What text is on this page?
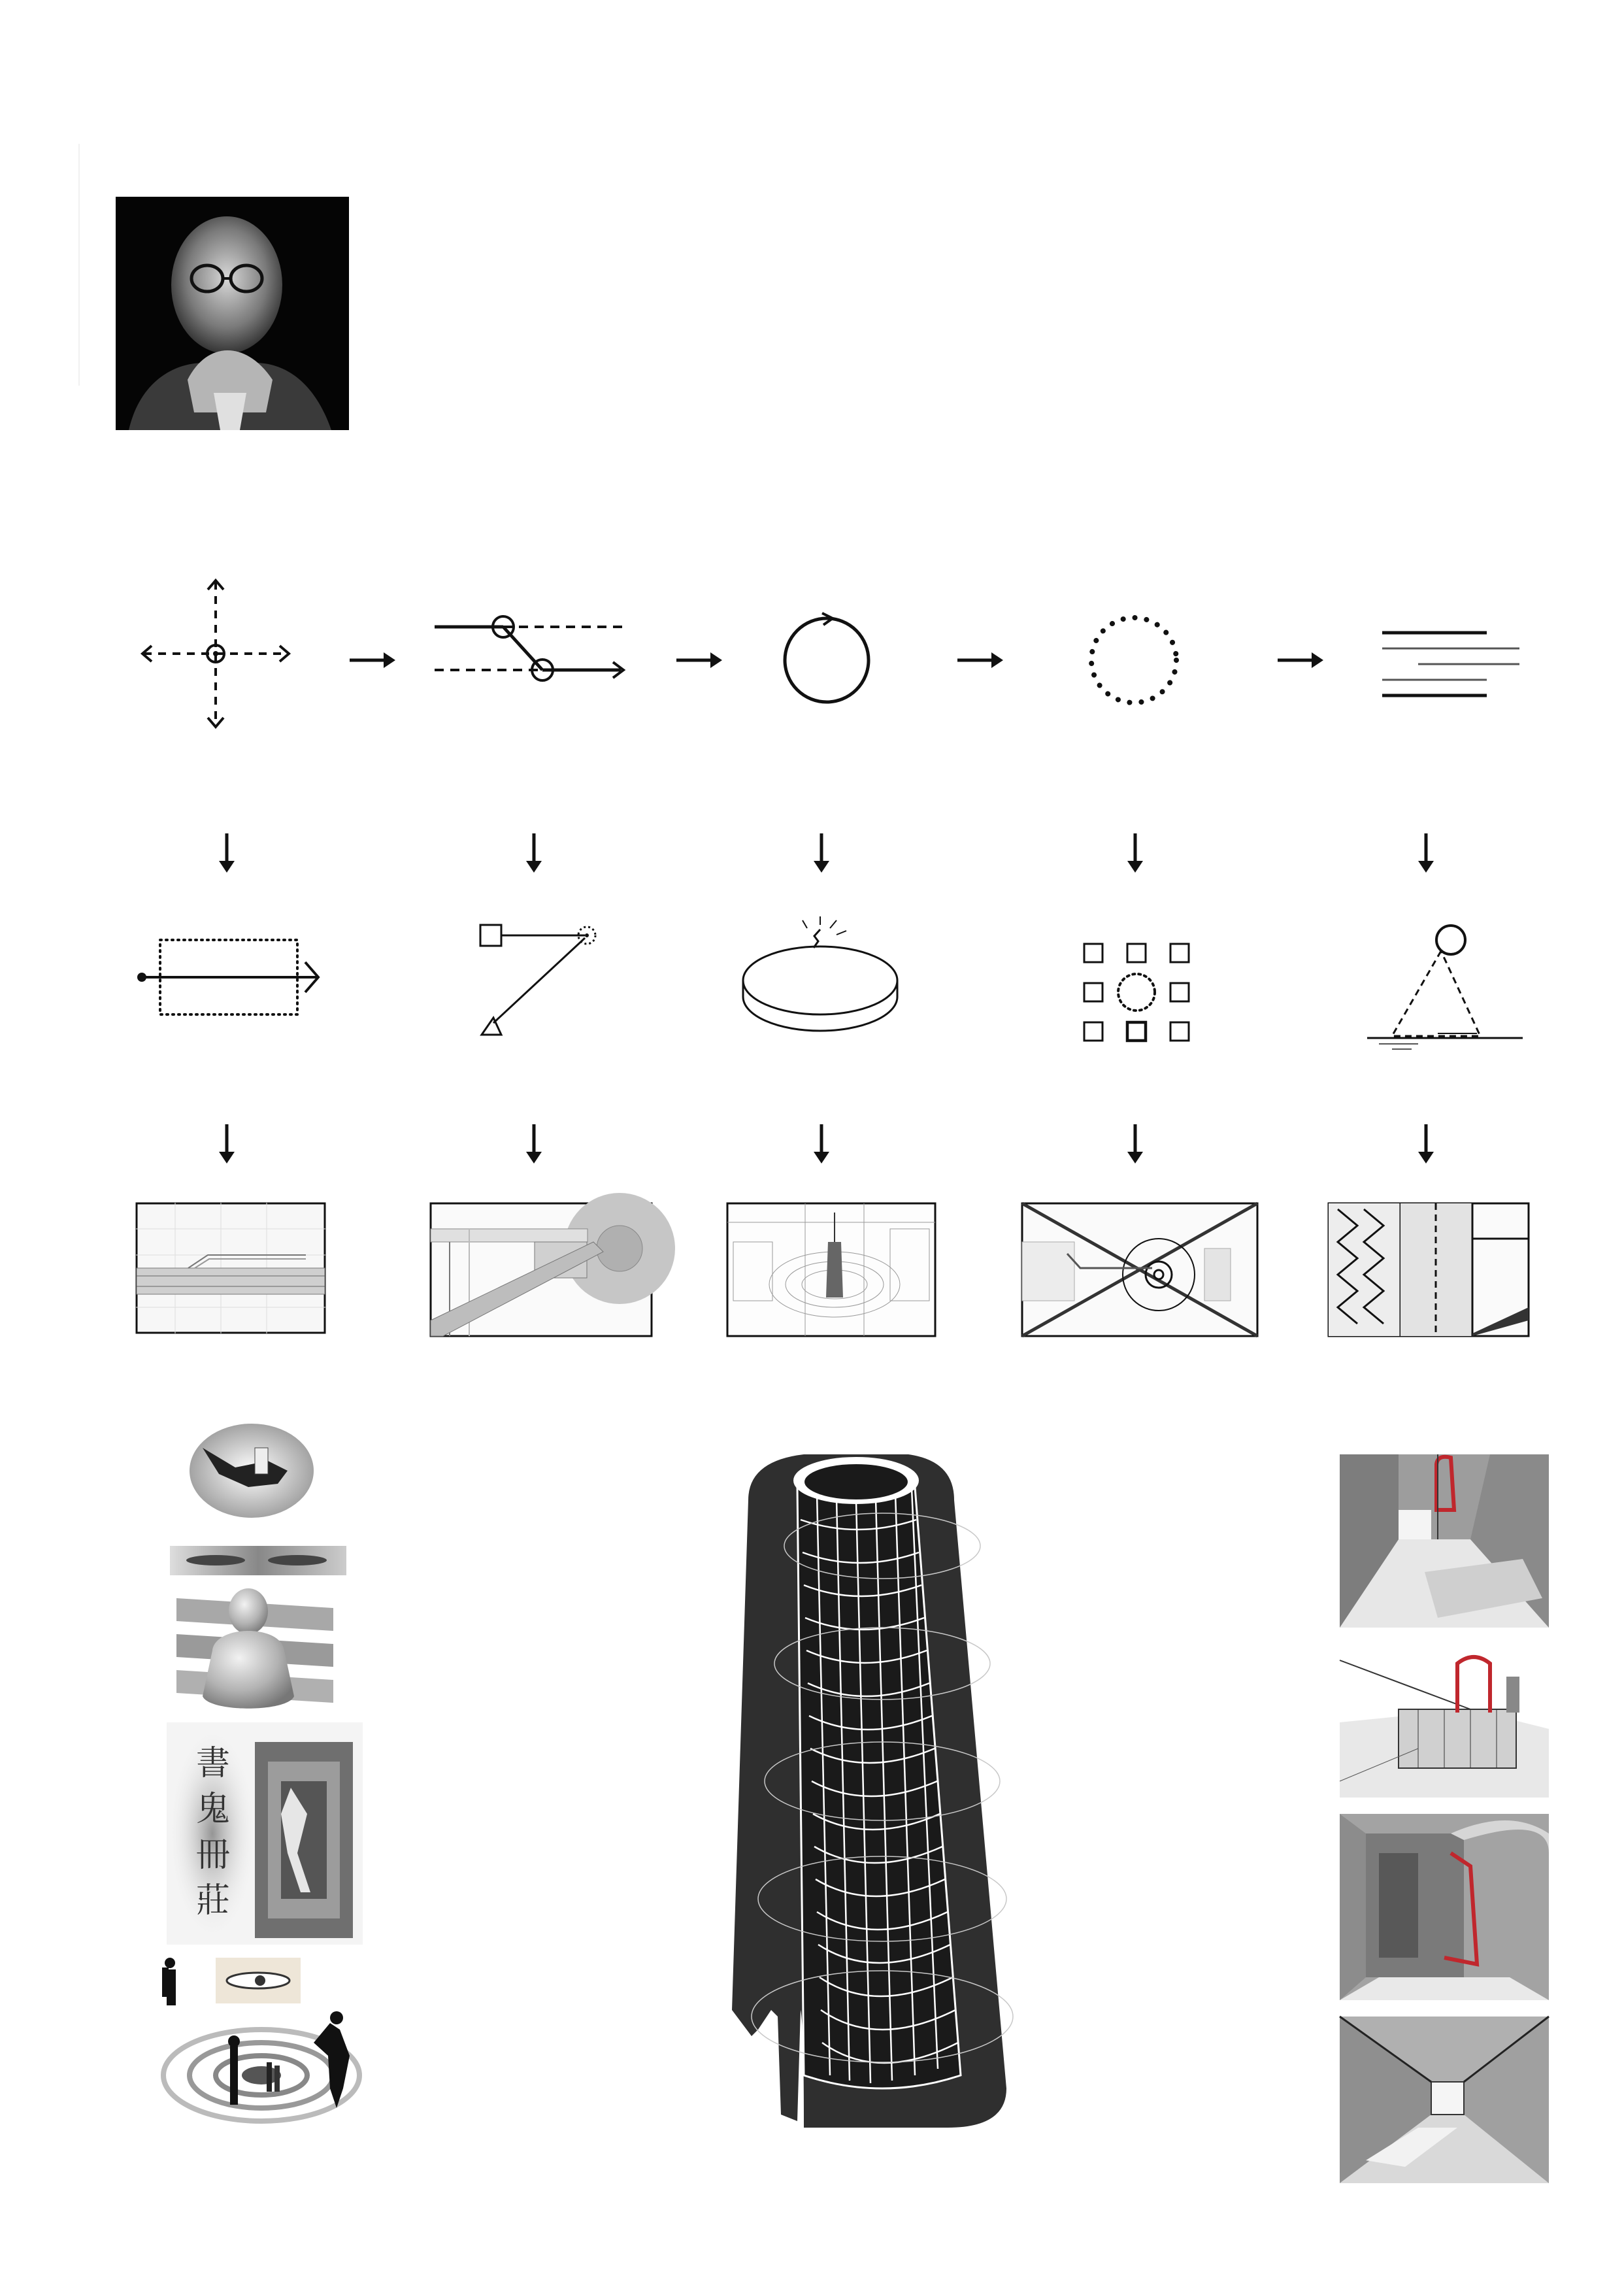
書
鬼
冊
莊
